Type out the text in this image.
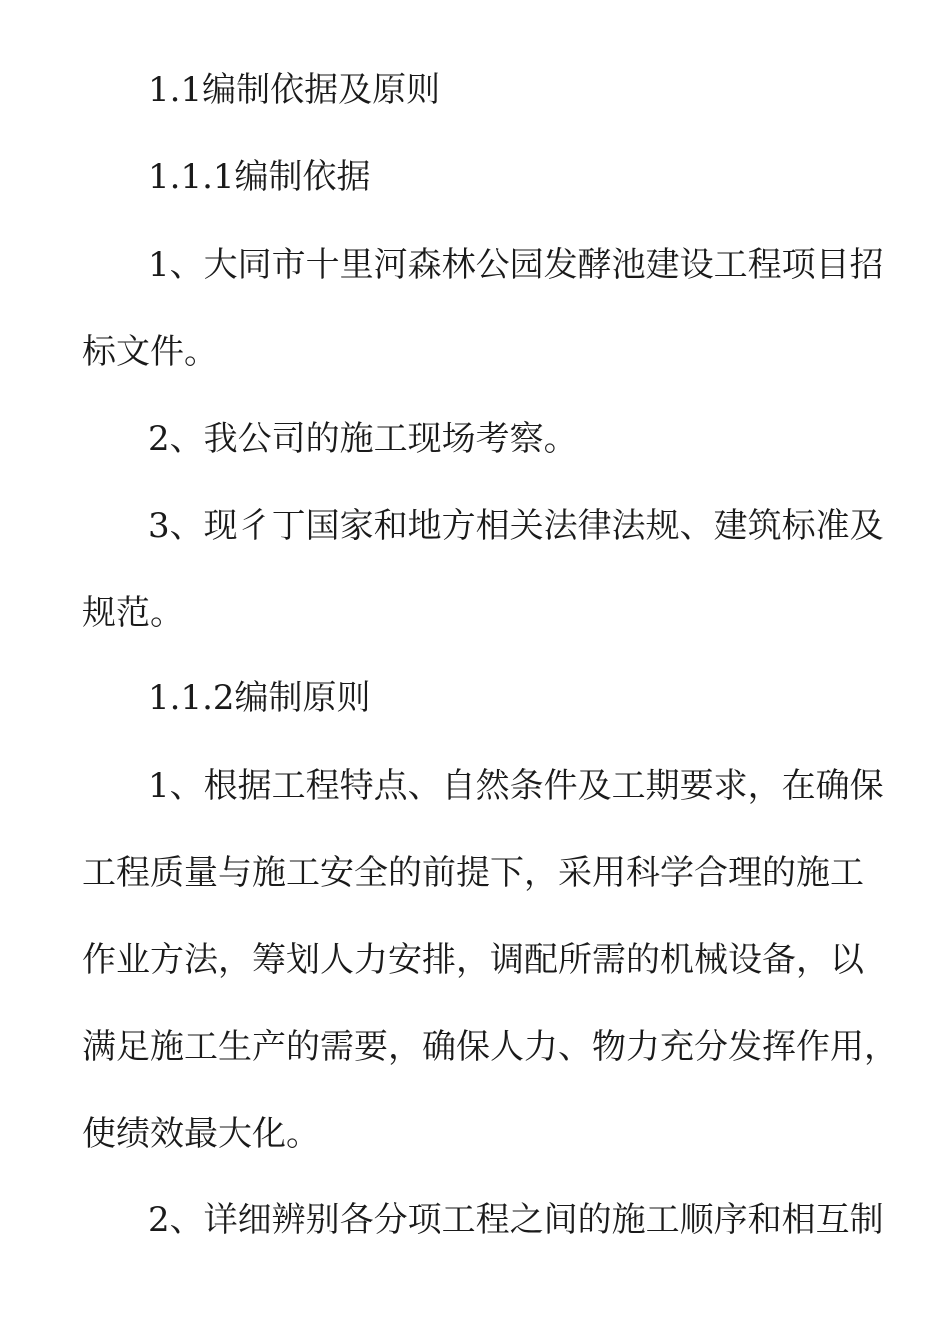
1.1编制依据及原则
1.1.1编制依据
1、大同市十里河森林公园发酵池建设工程项目招
标文件。
2、我公司的施工现场考察。
3、现彳丁国家和地方相关法律法规、建筑标准及
规范。
1.1.2编制原则
1、根据工程特点、自然条件及工期要求，在确保
工程质量与施工安全的前提下，采用科学合理的施工
作业方法，筹划人力安排，调配所需的机械设备，以
满足施工生产的需要，确保人力、物力充分发挥作用，
使绩效最大化。
2、详细辨别各分项工程之间的施工顺序和相互制
